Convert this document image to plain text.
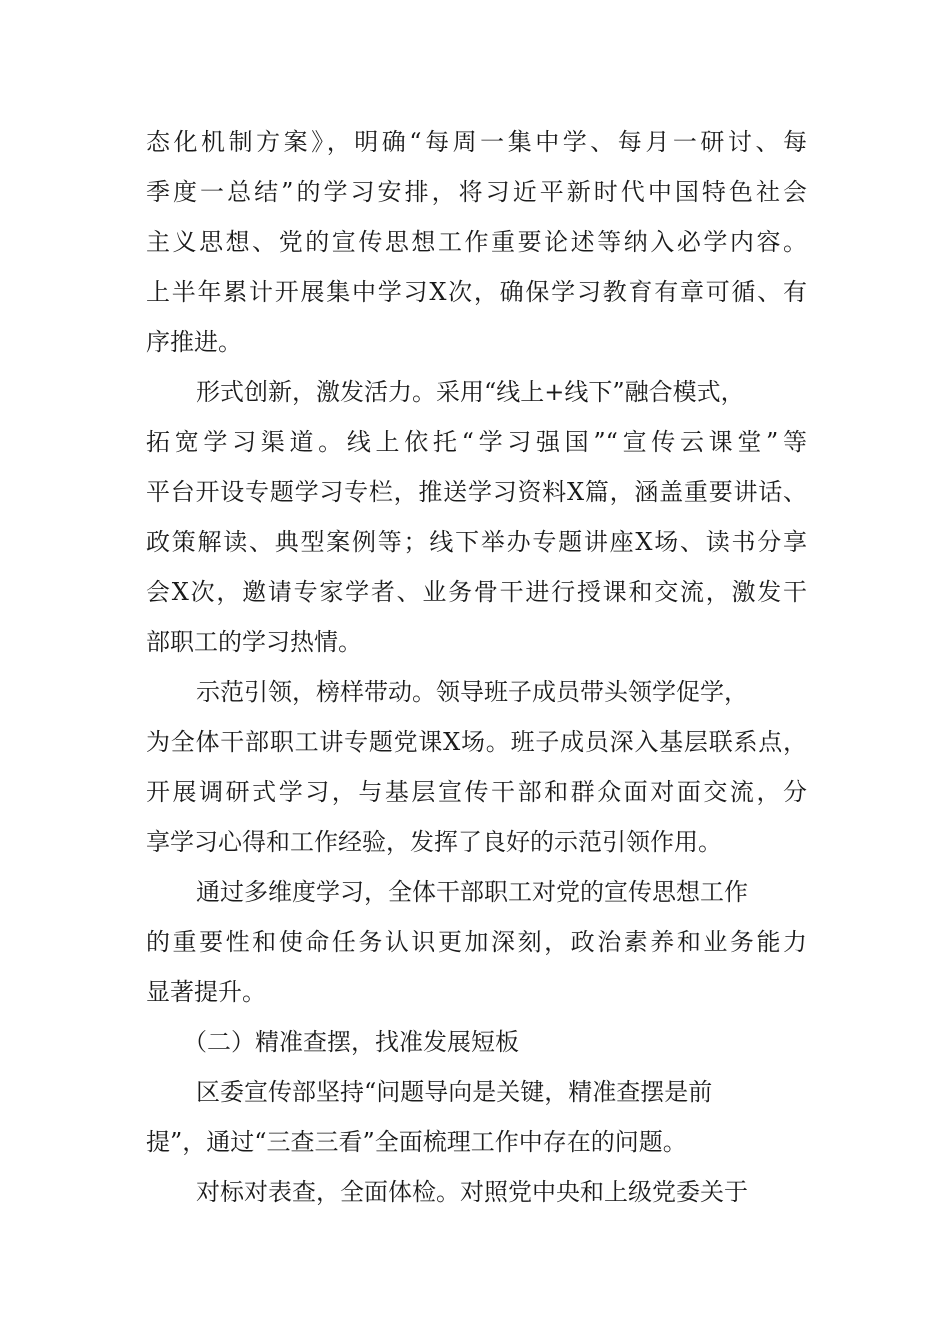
态化机制方案》，明确“每周一集中学、每月一研讨、每
季度一总结”的学习安排，将习近平新时代中国特色社会
主义思想、党的宣传思想工作重要论述等纳入必学内容。
上半年累计开展集中学习X次，确保学习教育有章可循、有
序推进。
形式创新，激发活力。采用“线上+线下”融合模式，
拓宽学习渠道。线上依托“学习强国”“宣传云课堂”等
平台开设专题学习专栏，推送学习资料X篇，涵盖重要讲话、
政策解读、典型案例等；线下举办专题讲座X场、读书分享
会X次，邀请专家学者、业务骨干进行授课和交流，激发干
部职工的学习热情。
示范引领，榜样带动。领导班子成员带头领学促学，
为全体干部职工讲专题党课X场。班子成员深入基层联系点，
开展调研式学习，与基层宣传干部和群众面对面交流，分
享学习心得和工作经验，发挥了良好的示范引领作用。
通过多维度学习，全体干部职工对党的宣传思想工作
的重要性和使命任务认识更加深刻，政治素养和业务能力
显著提升。
（二）精准查摆，找准发展短板
区委宣传部坚持“问题导向是关键，精准查摆是前
提”，通过“三查三看”全面梳理工作中存在的问题。
对标对表查，全面体检。对照党中央和上级党委关于
